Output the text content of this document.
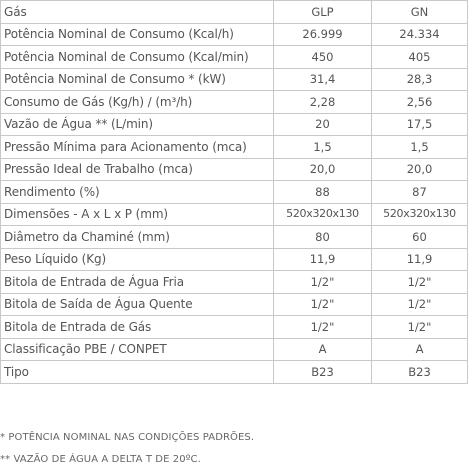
Gás	GLP	GN
Potência Nominal de Consumo (Kcal/h)	26.999	24.334
Potência Nominal de Consumo (Kcal/min)	450	405
Potência Nominal de Consumo * (kW)	31,4	28,3
Consumo de Gás (Kg/h) / (m³/h)	2,28	2,56
Vazão de Água ** (L/min)	20	17,5
Pressão Mínima para Acionamento (mca)	1,5	1,5
Pressão Ideal de Trabalho (mca)	20,0	20,0
Rendimento (%)	88	87
Dimensões - A x L x P (mm)	520x320x130	520x320x130
Diâmetro da Chaminé (mm)	80	60
Peso Líquido (Kg)	11,9	11,9
Bitola de Entrada de Água Fria	1/2"	1/2"
Bitola de Saída de Água Quente	1/2"	1/2"
Bitola de Entrada de Gás	1/2"	1/2"
Classificação PBE / CONPET	A	A
Tipo	B23	B23
* POTÊNCIA NOMINAL NAS CONDIÇÕES PADRÕES.
** VAZÃO DE ÁGUA A DELTA T DE 20ºC.
